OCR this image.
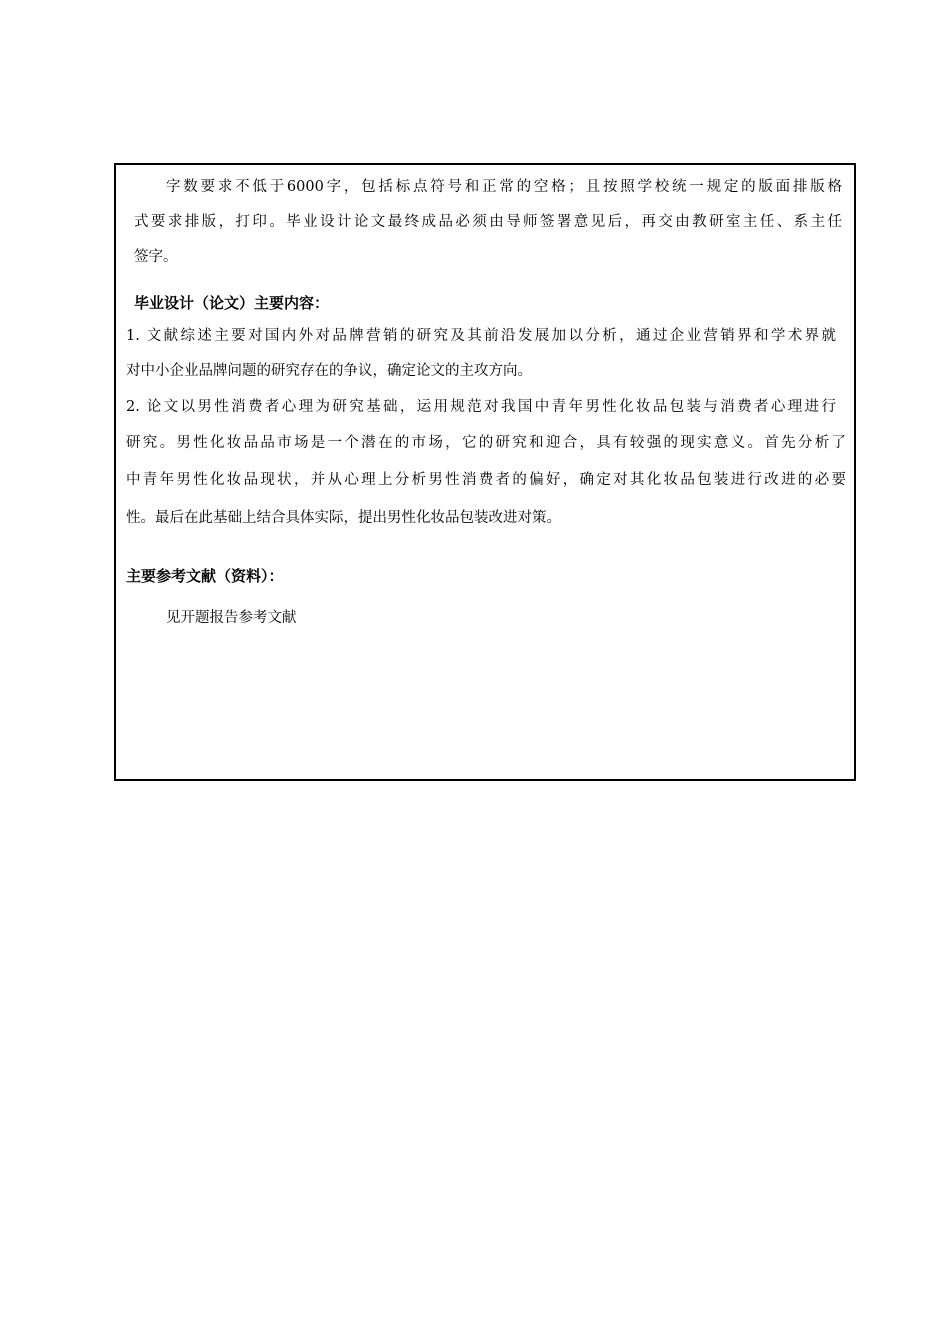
字数要求不低于6000字，包括标点符号和正常的空格；且按照学校统一规定的版面排版格
式要求排版，打印。毕业设计论文最终成品必须由导师签署意见后，再交由教研室主任、系主任
签字。
毕业设计（论文）主要内容：
1. 文献综述主要对国内外对品牌营销的研究及其前沿发展加以分析，通过企业营销界和学术界就
对中小企业品牌问题的研究存在的争议，确定论文的主攻方向。
2. 论文以男性消费者心理为研究基础，运用规范对我国中青年男性化妆品包装与消费者心理进行
研究。男性化妆品品市场是一个潜在的市场，它的研究和迎合，具有较强的现实意义。首先分析了
中青年男性化妆品现状，并从心理上分析男性消费者的偏好，确定对其化妆品包装进行改进的必要
性。最后在此基础上结合具体实际，提出男性化妆品包装改进对策。
主要参考文献（资料）：
见开题报告参考文献
